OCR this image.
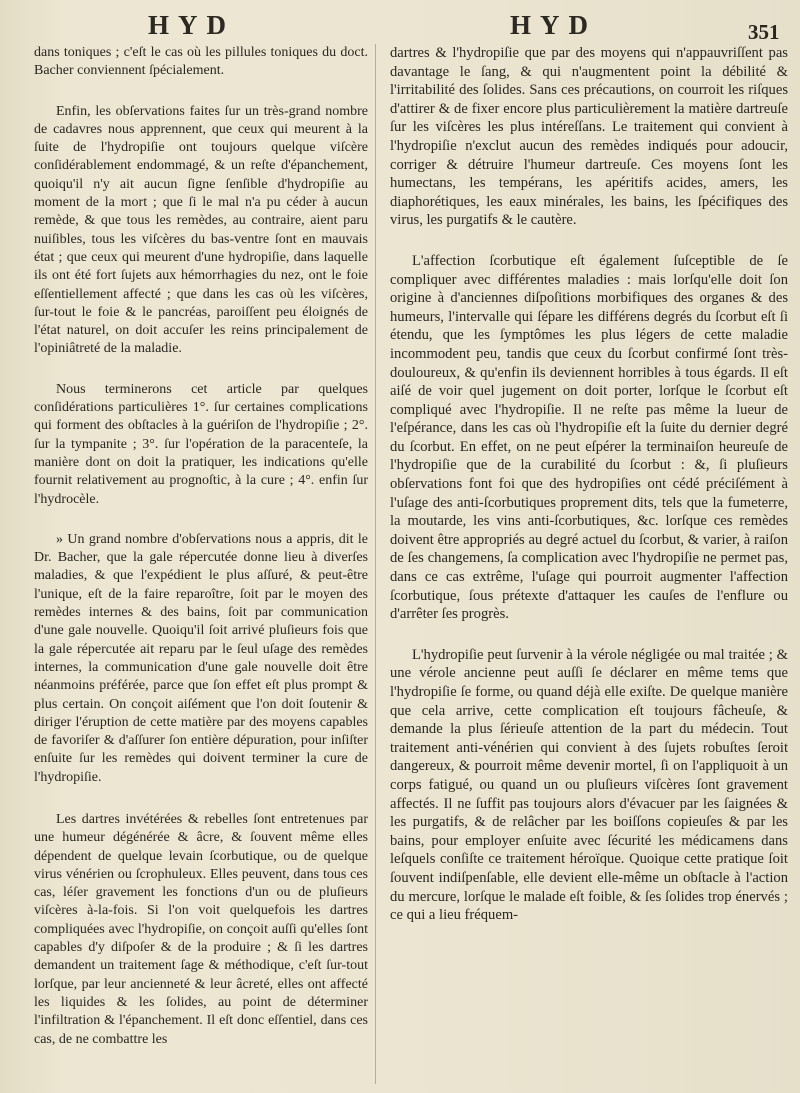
HYD	HYD	351

dans toniques ; c'eſt le cas où les pillules toniques du doct. Bacher conviennent ſpécialement.

Enfin, les obſervations faites ſur un très-grand nombre de cadavres nous apprennent, que ceux qui meurent à la ſuite de l'hydropiſie ont toujours quelque viſcère conſidérablement endommagé, & un reſte d'épanchement, quoiqu'il n'y ait aucun ſigne ſenſible d'hydropiſie au moment de la mort ; que ſi le mal n'a pu céder à aucun remède, & que tous les remèdes, au contraire, aient paru nuiſibles, tous les viſcères du bas-ventre ſont en mauvais état ; que ceux qui meurent d'une hydropiſie, dans laquelle ils ont été fort ſujets aux hémorrhagies du nez, ont le foie eſſentiellement affecté ; que dans les cas où les viſcères, ſur-tout le foie & le pancréas, paroiſſent peu éloignés de l'état naturel, on doit accuſer les reins principalement de l'opiniâtreté de la maladie.

Nous terminerons cet article par quelques conſidérations particulières 1°. ſur certaines complications qui forment des obſtacles à la guériſon de l'hydropiſie ; 2°. ſur la tympanite ; 3°. ſur l'opération de la paracenteſe, la manière dont on doit la pratiquer, les indications qu'elle fournit relativement au prognoſtic, à la cure ; 4°. enfin ſur l'hydrocèle.

» Un grand nombre d'obſervations nous a appris, dit le Dr. Bacher, que la gale répercutée donne lieu à diverſes maladies, & que l'expédient le plus aſſuré, & peut-être l'unique, eſt de la faire reparoître, ſoit par le moyen des remèdes internes & des bains, ſoit par communication d'une gale nouvelle. Quoiqu'il ſoit arrivé pluſieurs fois que la gale répercutée ait reparu par le ſeul uſage des remèdes internes, la communication d'une gale nouvelle doit être néanmoins préférée, parce que ſon effet eſt plus prompt & plus certain. On conçoit aiſément que l'on doit ſoutenir & diriger l'éruption de cette matière par des moyens capables de favoriſer & d'aſſurer ſon entière dépuration, pour inſiſter enſuite ſur les remèdes qui doivent terminer la cure de l'hydropiſie.

Les dartres invétérées & rebelles ſont entretenues par une humeur dégénérée & âcre, & ſouvent même elles dépendent de quelque levain ſcorbutique, ou de quelque virus vénérien ou ſcrophuleux. Elles peuvent, dans tous ces cas, léſer gravement les fonctions d'un ou de pluſieurs viſcères à-la-fois. Si l'on voit quelquefois les dartres compliquées avec l'hydropiſie, on conçoit auſſi qu'elles ſont capables d'y diſpoſer & de la produire ; & ſi les dartres demandent un traitement ſage & méthodique, c'eſt ſur-tout lorſque, par leur ancienneté & leur âcreté, elles ont affecté les liquides & les ſolides, au point de déterminer l'infiltration & l'épanchement. Il eſt donc eſſentiel, dans ces cas, de ne combattre les

dartres & l'hydropiſie que par des moyens qui n'appauvriſſent pas davantage le ſang, & qui n'augmentent point la débilité & l'irritabilité des ſolides. Sans ces précautions, on courroit les riſques d'attirer & de fixer encore plus particulièrement la matière dartreuſe ſur les viſcères les plus intéreſſans. Le traitement qui convient à l'hydropiſie n'exclut aucun des remèdes indiqués pour adoucir, corriger & détruire l'humeur dartreuſe. Ces moyens ſont les humectans, les tempérans, les apéritifs acides, amers, les diaphorétiques, les eaux minérales, les bains, les ſpécifiques des virus, les purgatifs & le cautère.

L'affection ſcorbutique eſt également ſuſceptible de ſe compliquer avec différentes maladies : mais lorſqu'elle doit ſon origine à d'anciennes diſpoſitions morbifiques des organes & des humeurs, l'intervalle qui ſépare les différens degrés du ſcorbut eſt ſi étendu, que les ſymptômes les plus légers de cette maladie incommodent peu, tandis que ceux du ſcorbut confirmé ſont très-douloureux, & qu'enfin ils deviennent horribles à tous égards. Il eſt aiſé de voir quel jugement on doit porter, lorſque le ſcorbut eſt compliqué avec l'hydropiſie. Il ne reſte pas même la lueur de l'eſpérance, dans les cas où l'hydropiſie eſt la ſuite du dernier degré du ſcorbut. En effet, on ne peut eſpérer la terminaiſon heureuſe de l'hydropiſie que de la curabilité du ſcorbut : &, ſi pluſieurs obſervations font foi que des hydropiſies ont cédé préciſément à l'uſage des anti-ſcorbutiques proprement dits, tels que la fumeterre, la moutarde, les vins anti-ſcorbutiques, &c. lorſque ces remèdes doivent être appropriés au degré actuel du ſcorbut, & varier, à raiſon de ſes changemens, ſa complication avec l'hydropiſie ne permet pas, dans ce cas extrême, l'uſage qui pourroit augmenter l'affection ſcorbutique, ſous prétexte d'attaquer les cauſes de l'enflure ou d'arrêter ſes progrès.

L'hydropiſie peut ſurvenir à la vérole négligée ou mal traitée ; & une vérole ancienne peut auſſi ſe déclarer en même tems que l'hydropiſie ſe forme, ou quand déjà elle exiſte. De quelque manière que cela arrive, cette complication eſt toujours fâcheuſe, & demande la plus ſérieuſe attention de la part du médecin. Tout traitement anti-vénérien qui convient à des ſujets robuſtes ſeroit dangereux, & pourroit même devenir mortel, ſi on l'appliquoit à un corps fatigué, ou quand un ou pluſieurs viſcères ſont gravement affectés. Il ne ſuffit pas toujours alors d'évacuer par les ſaignées & les purgatifs, & de relâcher par les boiſſons copieuſes & par les bains, pour employer enſuite avec ſécurité les médicamens dans leſquels conſiſte ce traitement héroïque. Quoique cette pratique ſoit ſouvent indiſpenſable, elle devient elle-même un obſtacle à l'action du mercure, lorſque le malade eſt foible, & ſes ſolides trop énervés ; ce qui a lieu fréquem-
